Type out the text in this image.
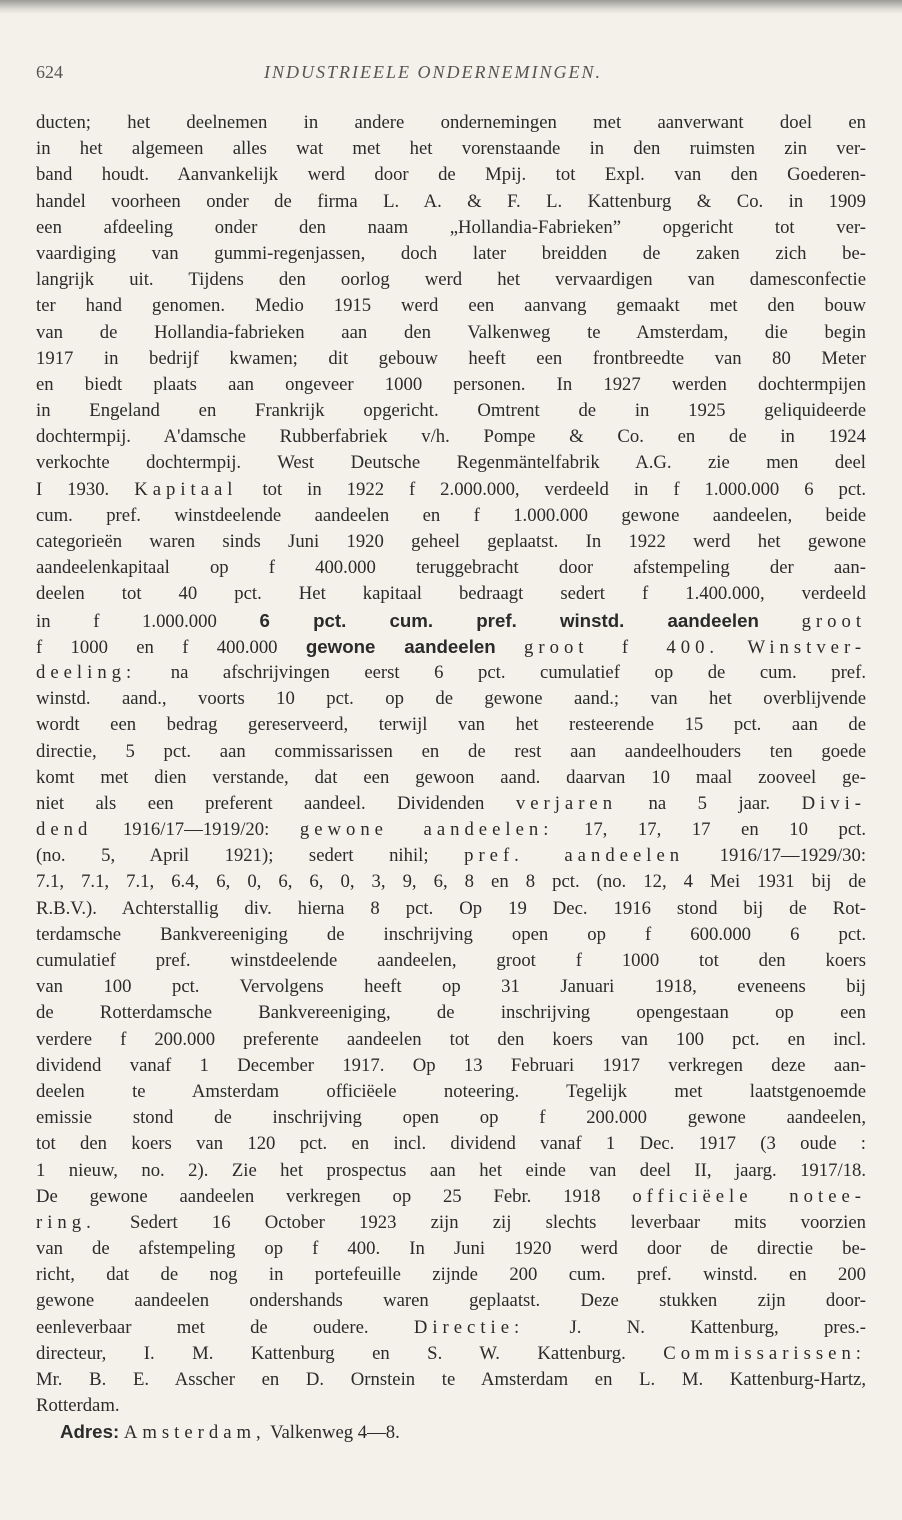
624	INDUSTRIEELE ONDERNEMINGEN.
ducten; het deelnemen in andere ondernemingen met aanverwant doel en
in het algemeen alles wat met het vorenstaande in den ruimsten zin ver-
band houdt. Aanvankelijk werd door de Mpij. tot Expl. van den Goederen-
handel voorheen onder de firma L. A. & F. L. Kattenburg & Co. in 1909
een afdeeling onder den naam „Hollandia-Fabrieken” opgericht tot ver-
vaardiging van gummi-regenjassen, doch later breidden de zaken zich be-
langrijk uit. Tijdens den oorlog werd het vervaardigen van damesconfectie
ter hand genomen. Medio 1915 werd een aanvang gemaakt met den bouw
van de Hollandia-fabrieken aan den Valkenweg te Amsterdam, die begin
1917 in bedrijf kwamen; dit gebouw heeft een frontbreedte van 80 Meter
en biedt plaats aan ongeveer 1000 personen. In 1927 werden dochtermpijen
in Engeland en Frankrijk opgericht. Omtrent de in 1925 geliquideerde
dochtermpij. A'damsche Rubberfabriek v/h. Pompe & Co. en de in 1924
verkochte dochtermpij. West Deutsche Regenmäntelfabrik A.G. zie men deel
I 1930. Kapitaal tot in 1922 f 2.000.000, verdeeld in f 1.000.000 6 pct.
cum. pref. winstdeelende aandeelen en f 1.000.000 gewone aandeelen, beide
categorieën waren sinds Juni 1920 geheel geplaatst. In 1922 werd het gewone
aandeelenkapitaal op f 400.000 teruggebracht door afstempeling der aan-
deelen tot 40 pct. Het kapitaal bedraagt sedert f 1.400.000, verdeeld
in f 1.000.000 6 pct. cum. pref. winstd. aandeelen groot
f 1000 en f 400.000 gewone aandeelen groot f 400. Winstver-
deeling: na afschrijvingen eerst 6 pct. cumulatief op de cum. pref.
winstd. aand., voorts 10 pct. op de gewone aand.; van het overblijvende
wordt een bedrag gereserveerd, terwijl van het resteerende 15 pct. aan de
directie, 5 pct. aan commissarissen en de rest aan aandeelhouders ten goede
komt met dien verstande, dat een gewoon aand. daarvan 10 maal zooveel ge-
niet als een preferent aandeel. Dividenden verjaren na 5 jaar. Divi-
dend 1916/17—1919/20: gewone aandeelen: 17, 17, 17 en 10 pct.
(no. 5, April 1921); sedert nihil; pref. aandeelen 1916/17—1929/30:
7.1, 7.1, 7.1, 6.4, 6, 0, 6, 6, 0, 3, 9, 6, 8 en 8 pct. (no. 12, 4 Mei 1931 bij de
R.B.V.). Achterstallig div. hierna 8 pct. Op 19 Dec. 1916 stond bij de Rot-
terdamsche Bankvereeniging de inschrijving open op f 600.000 6 pct.
cumulatief pref. winstdeelende aandeelen, groot f 1000 tot den koers
van 100 pct. Vervolgens heeft op 31 Januari 1918, eveneens bij
de Rotterdamsche Bankvereeniging, de inschrijving opengestaan op een
verdere f 200.000 preferente aandeelen tot den koers van 100 pct. en incl.
dividend vanaf 1 December 1917. Op 13 Februari 1917 verkregen deze aan-
deelen te Amsterdam officiëele noteering. Tegelijk met laatstgenoemde
emissie stond de inschrijving open op f 200.000 gewone aandeelen,
tot den koers van 120 pct. en incl. dividend vanaf 1 Dec. 1917 (3 oude :
1 nieuw, no. 2). Zie het prospectus aan het einde van deel II, jaarg. 1917/18.
De gewone aandeelen verkregen op 25 Febr. 1918 officiëele notee-
ring. Sedert 16 October 1923 zijn zij slechts leverbaar mits voorzien
van de afstempeling op f 400. In Juni 1920 werd door de directie be-
richt, dat de nog in portefeuille zijnde 200 cum. pref. winstd. en 200
gewone aandeelen ondershands waren geplaatst. Deze stukken zijn door-
eenleverbaar met de oudere. Directie: J. N. Kattenburg, pres.-
directeur, I. M. Kattenburg en S. W. Kattenburg. Commissarissen:
Mr. B. E. Asscher en D. Ornstein te Amsterdam en L. M. Kattenburg-Hartz,
Rotterdam.
Adres: Amsterdam, Valkenweg 4—8.
